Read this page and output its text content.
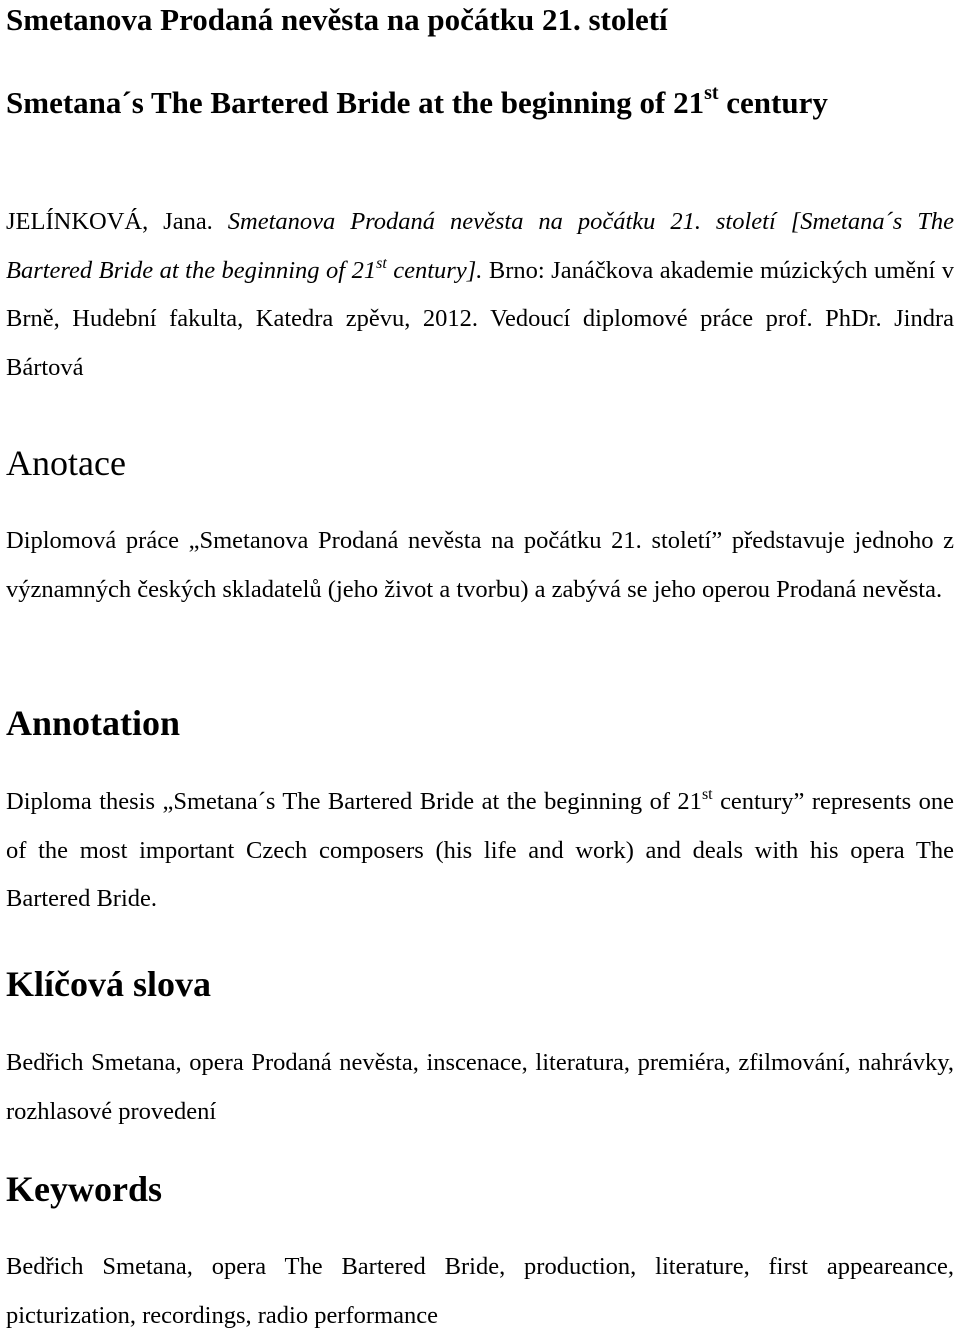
Smetanova Prodaná nevěsta na počátku 21. století
Smetana´s The Bartered Bride at the beginning of 21st century

JELÍNKOVÁ, Jana. Smetanova Prodaná nevěsta na počátku 21. století [Smetana´s The Bartered Bride at the beginning of 21st century]. Brno: Janáčkova akademie múzických umění v Brně, Hudební fakulta, Katedra zpěvu, 2012. Vedoucí diplomové práce prof. PhDr. Jindra Bártová

Anotace

Diplomová práce „Smetanova Prodaná nevěsta na počátku 21. století” představuje jednoho z významných českých skladatelů (jeho život a tvorbu) a zabývá se jeho operou Prodaná nevěsta.

Annotation

Diploma thesis „Smetana´s The Bartered Bride at the beginning of 21st century” represents one of the most important Czech composers (his life and work) and deals with his opera The Bartered Bride.

Klíčová slova

Bedřich Smetana, opera Prodaná nevěsta, inscenace, literatura, premiéra, zfilmování, nahrávky, rozhlasové provedení

Keywords

Bedřich Smetana, opera The Bartered Bride, production, literature, first appeareance, picturization, recordings, radio performance
